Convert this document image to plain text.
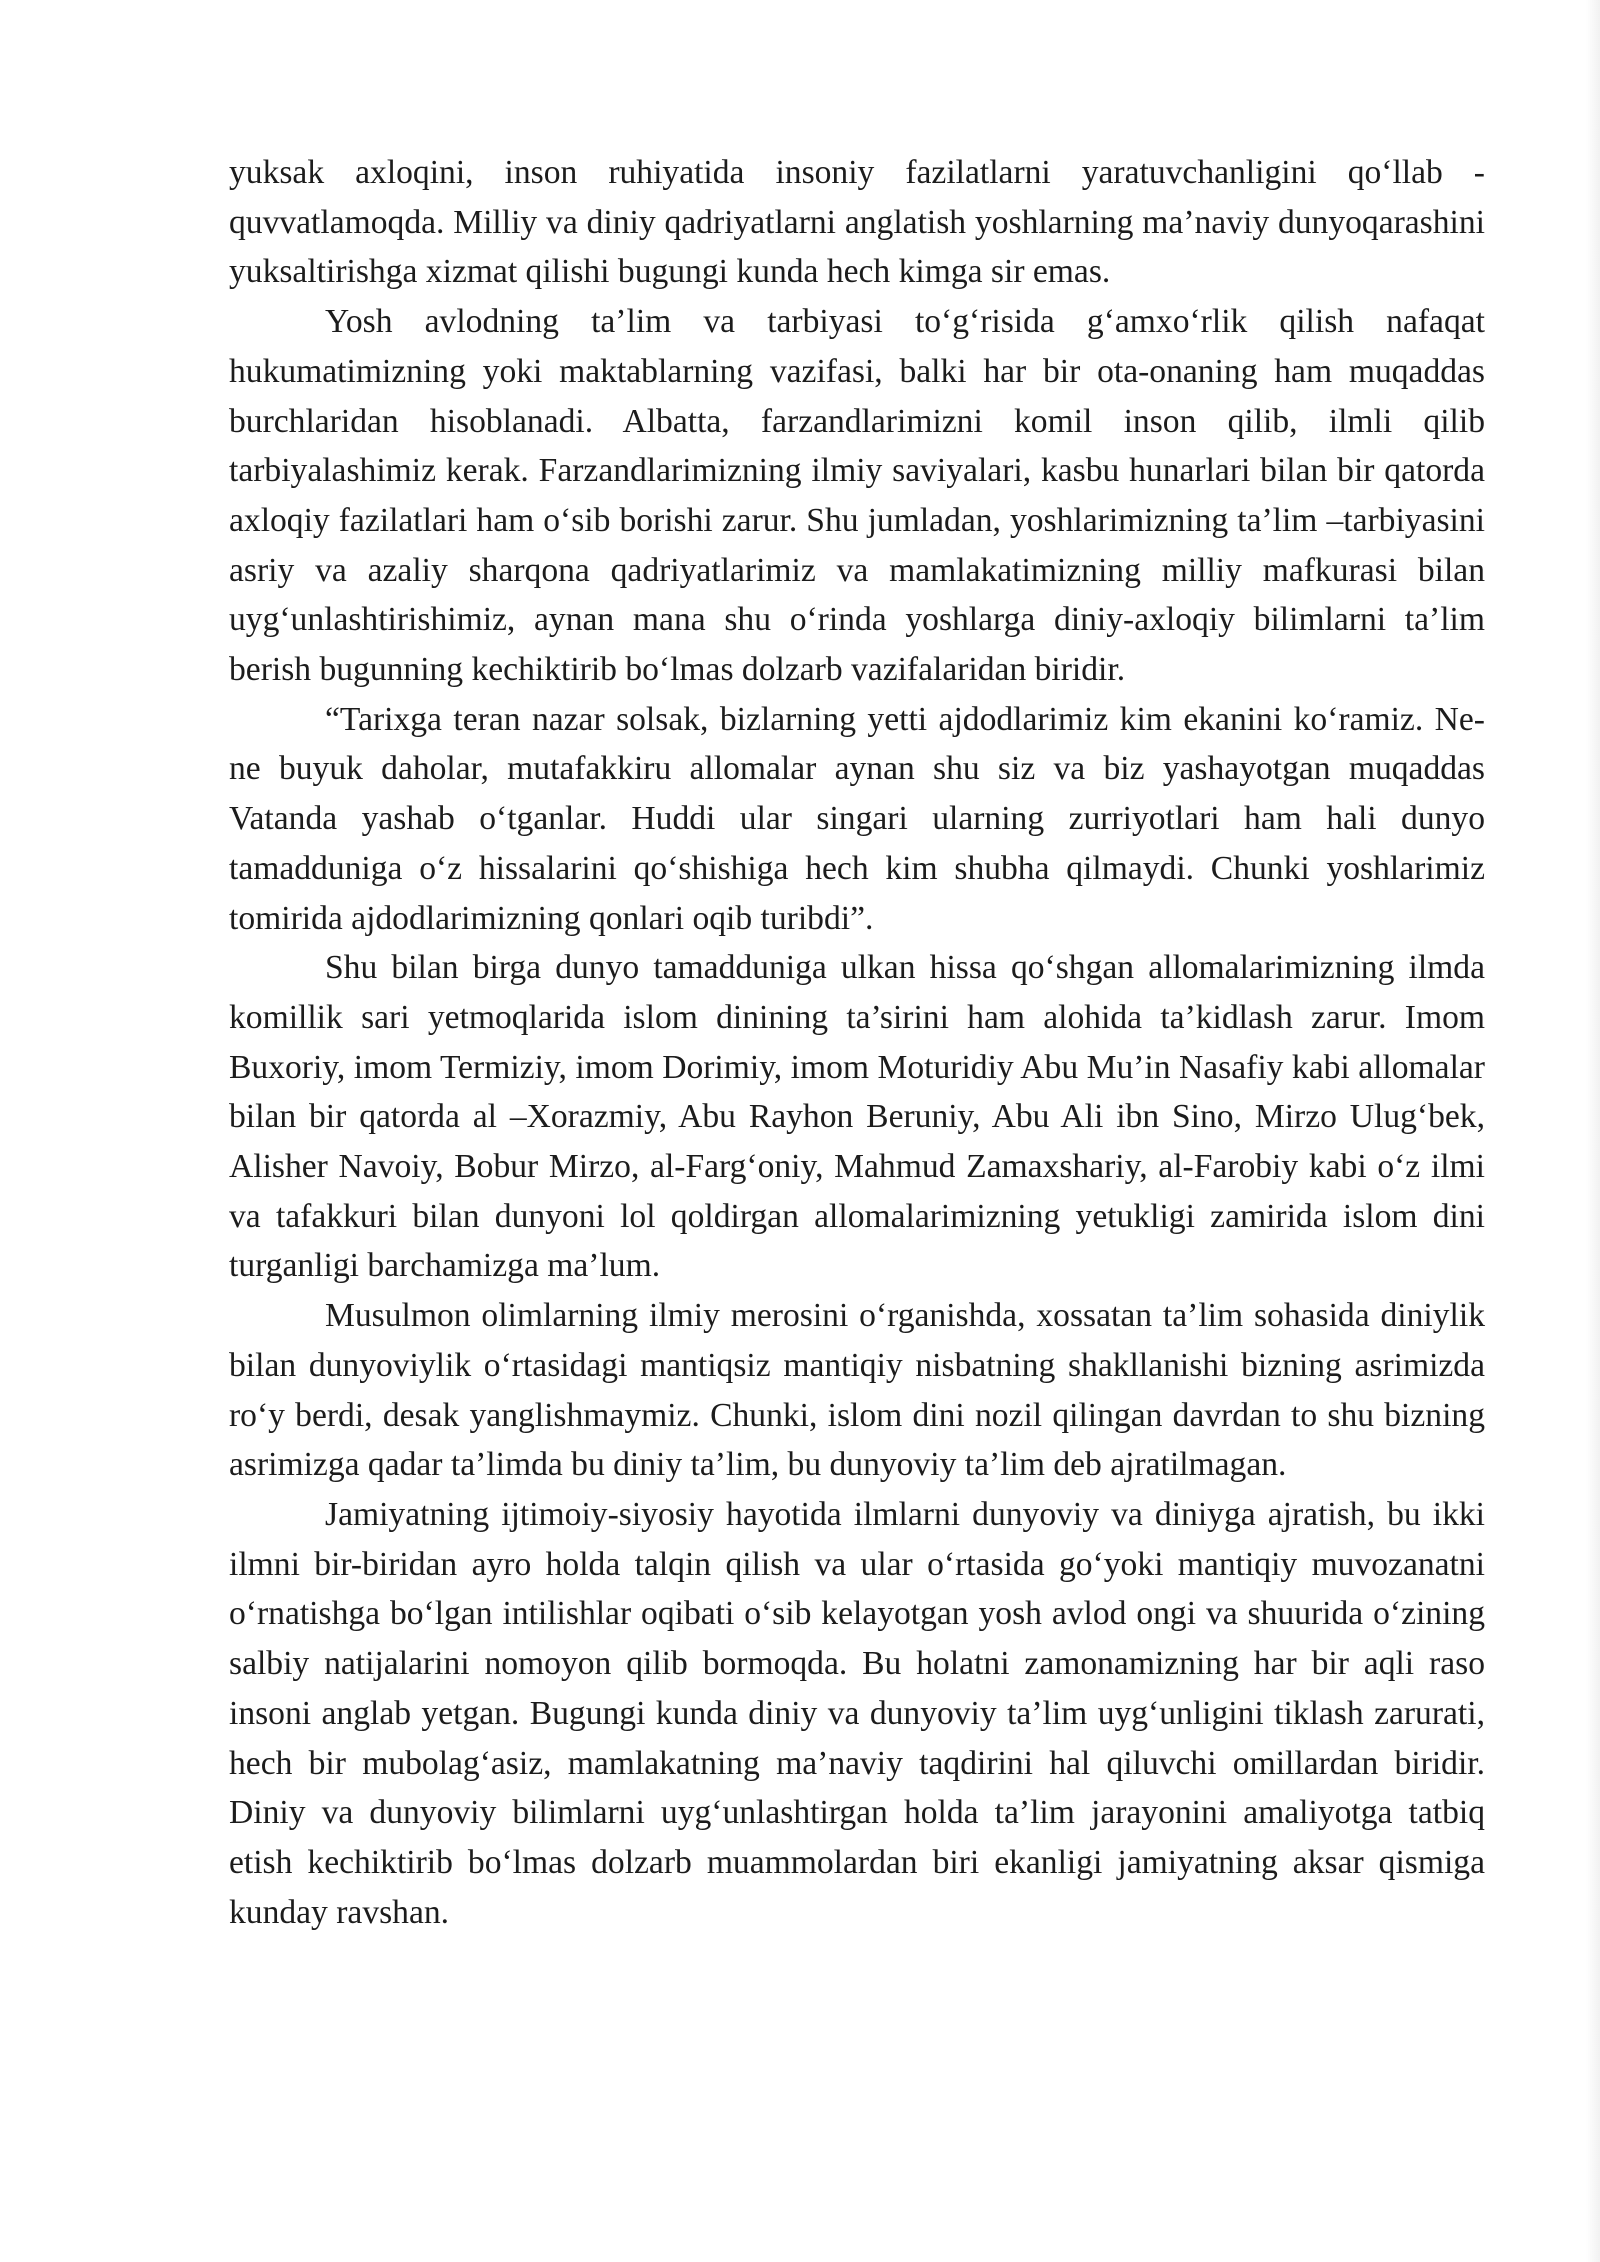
yuksak axloqini, inson ruhiyatida insoniy fazilatlarni yaratuvchanligini qo‘llab - quvvatlamoqda. Milliy va diniy qadriyatlarni anglatish yoshlarning ma’naviy dunyoqarashini yuksaltirishga xizmat qilishi bugungi kunda hech kimga sir emas.

Yosh avlodning ta’lim va tarbiyasi to‘g‘risida g‘amxo‘rlik qilish nafaqat hukumatimizning yoki maktablarning vazifasi, balki har bir ota-onaning ham muqaddas burchlaridan hisoblanadi. Albatta, farzandlarimizni komil inson qilib, ilmli qilib tarbiyalashimiz kerak. Farzandlarimizning ilmiy saviyalari, kasbu hunarlari bilan bir qatorda axloqiy fazilatlari ham o‘sib borishi zarur. Shu jumladan, yoshlarimizning ta’lim –tarbiyasini asriy va azaliy sharqona qadriyatlarimiz va mamlakatimizning milliy mafkurasi bilan uyg‘unlashtirishimiz, aynan mana shu o‘rinda yoshlarga diniy-axloqiy bilimlarni ta’lim berish bugunning kechiktirib bo‘lmas dolzarb vazifalaridan biridir.

“Tarixga teran nazar solsak, bizlarning yetti ajdodlarimiz kim ekanini ko‘ramiz. Ne-ne buyuk daholar, mutafakkiru allomalar aynan shu siz va biz yashayotgan muqaddas Vatanda yashab o‘tganlar. Huddi ular singari ularning zurriyotlari ham hali dunyo tamadduniga o‘z hissalarini qo‘shishiga hech kim shubha qilmaydi. Chunki yoshlarimiz tomirida ajdodlarimizning qonlari oqib turibdi”.

Shu bilan birga dunyo tamadduniga ulkan hissa qo‘shgan allomalarimizning ilmda komillik sari yetmoqlarida islom dinining ta’sirini ham alohida ta’kidlash zarur. Imom Buxoriy, imom Termiziy, imom Dorimiy, imom Moturidiy Abu Mu’in Nasafiy kabi allomalar bilan bir qatorda al –Xorazmiy, Abu Rayhon Beruniy, Abu Ali ibn Sino, Mirzo Ulug‘bek, Alisher Navoiy, Bobur Mirzo, al-Farg‘oniy, Mahmud Zamaxshariy, al-Farobiy kabi o‘z ilmi va tafakkuri bilan dunyoni lol qoldirgan allomalarimizning yetukligi zamirida islom dini turganligi barchamizga ma’lum.

Musulmon olimlarning ilmiy merosini o‘rganishda, xossatan ta’lim sohasida diniylik bilan dunyoviylik o‘rtasidagi mantiqsiz mantiqiy nisbatning shakllanishi bizning asrimizda ro‘y berdi, desak yanglishmaymiz. Chunki, islom dini nozil qilingan davrdan to shu bizning asrimizga qadar ta’limda bu diniy ta’lim, bu dunyoviy ta’lim deb ajratilmagan.

Jamiyatning ijtimoiy-siyosiy hayotida ilmlarni dunyoviy va diniyga ajratish, bu ikki ilmni bir-biridan ayro holda talqin qilish va ular o‘rtasida go‘yoki mantiqiy muvozanatni o‘rnatishga bo‘lgan intilishlar oqibati o‘sib kelayotgan yosh avlod ongi va shuurida o‘zining salbiy natijalarini nomoyon qilib bormoqda. Bu holatni zamonamizning har bir aqli raso insoni anglab yetgan. Bugungi kunda diniy va dunyoviy ta’lim uyg‘unligini tiklash zarurati, hech bir mubolag‘asiz, mamlakatning ma’naviy taqdirini hal qiluvchi omillardan biridir. Diniy va dunyoviy bilimlarni uyg‘unlashtirgan holda ta’lim jarayonini amaliyotga tatbiq etish kechiktirib bo‘lmas dolzarb muammolardan biri ekanligi jamiyatning aksar qismiga kunday ravshan.
